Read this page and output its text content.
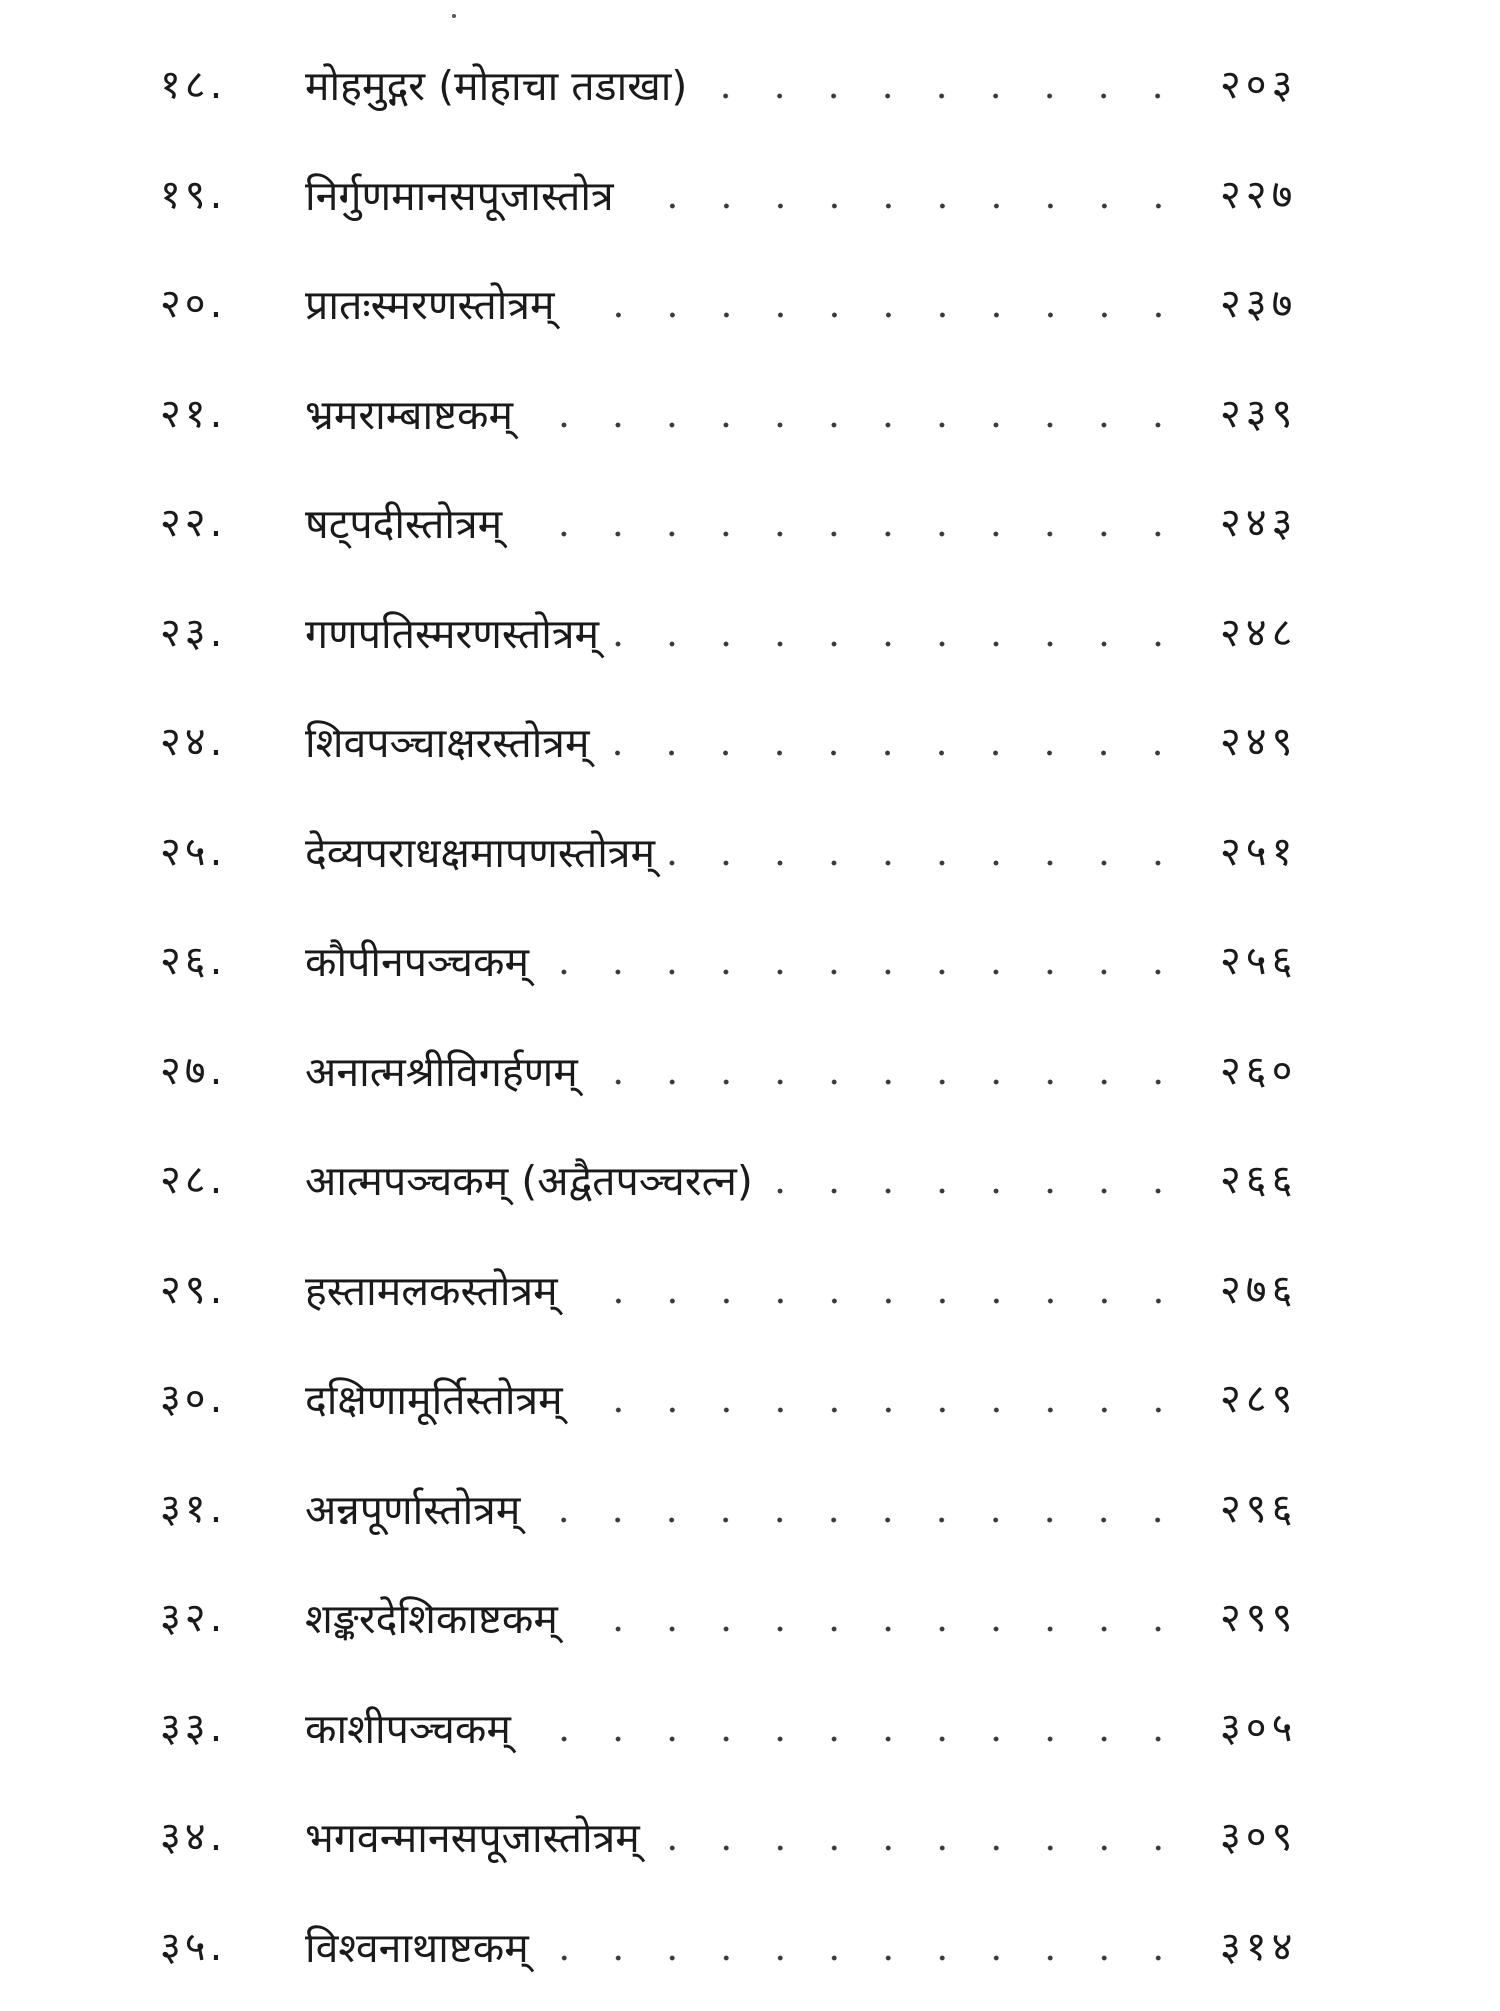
१८. मोहमुद्गर (मोहाचा तडाखा)	२०३
१९. निर्गुणमानसपूजास्तोत्र	२२७
२०. प्रातःस्मरणस्तोत्रम्	२३७
२१. भ्रमराम्बाष्टकम्	२३९
२२. षट्पदीस्तोत्रम्	२४३
२३. गणपतिस्मरणस्तोत्रम्	२४८
२४. शिवपञ्चाक्षरस्तोत्रम्	२४९
२५. देव्यपराधक्षमापणस्तोत्रम्	२५१
२६. कौपीनपञ्चकम्	२५६
२७. अनात्मश्रीविगर्हणम्	२६०
२८. आत्मपञ्चकम् (अद्वैतपञ्चरत्न)	२६६
२९. हस्तामलकस्तोत्रम्	२७६
३०. दक्षिणामूर्तिस्तोत्रम्	२८९
३१. अन्नपूर्णास्तोत्रम्	२९६
३२. शङ्करदेशिकाष्टकम्	२९९
३३. काशीपञ्चकम्	३०५
३४. भगवन्मानसपूजास्तोत्रम्	३०९
३५. विश्वनाथाष्टकम्	३१४
